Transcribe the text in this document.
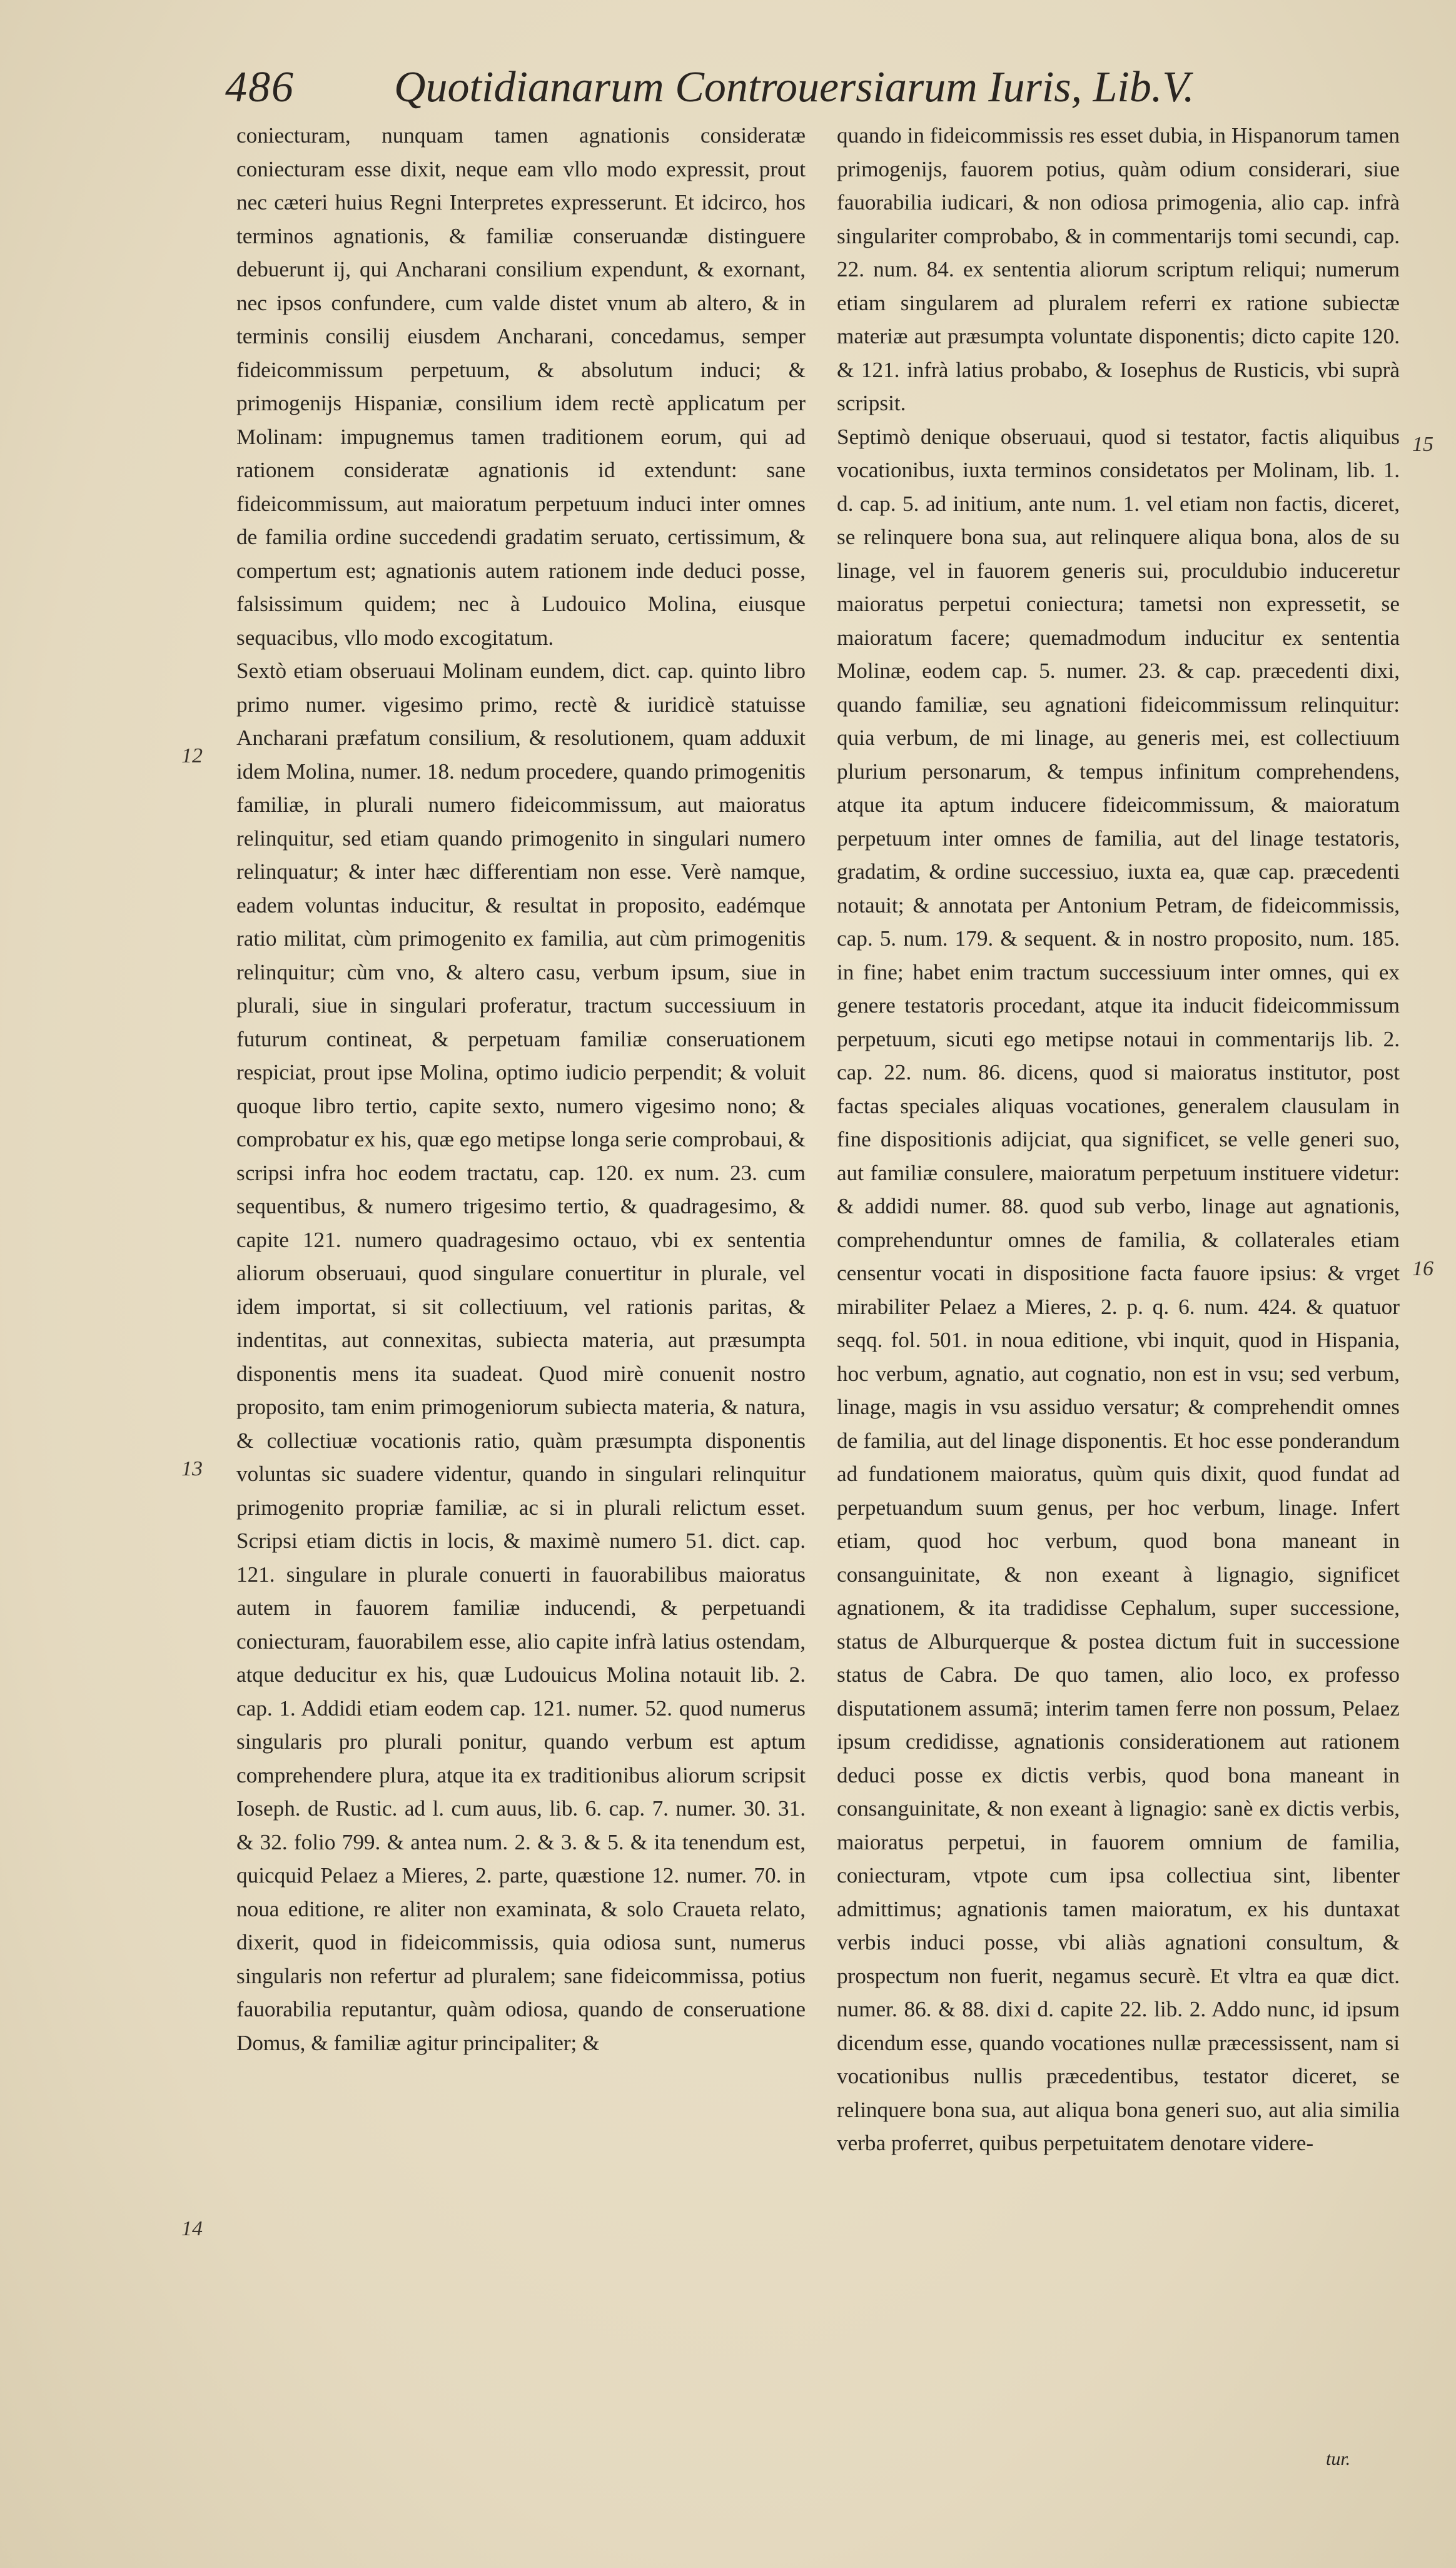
486 Quotidianarum Controuersiarum Iuris, Lib.V.
coniecturam, nunquam tamen agnationis consideratæ coniecturam esse dixit, neque eam vllo modo expressit, prout nec cæteri huius Regni Interpretes expresserunt. Et idcirco, hos terminos agnationis, & familiæ conseruandæ distinguere debuerunt ij, qui Ancharani consilium expendunt, & exornant, nec ipsos confundere, cum valde distet vnum ab altero, & in terminis consilij eiusdem Ancharani, concedamus, semper fideicommissum perpetuum, & absolutum induci; & primogenijs Hispaniæ, consilium idem rectè applicatum per Molinam: impugnemus tamen traditionem eorum, qui ad rationem consideratæ agnationis id extendunt: sane fideicommissum, aut maioratum perpetuum induci inter omnes de familia ordine succedendi gradatim seruato, certissimum, & compertum est; agnationis autem rationem inde deduci posse, falsissimum quidem; nec à Ludouico Molina, eiusque sequacibus, vllo modo excogitatum.
Sextò etiam obseruaui Molinam eundem, dict. cap. quinto libro primo numer. vigesimo primo, rectè & iuridicè statuisse Ancharani præfatum consilium, & resolutionem, quam adduxit idem Molina, numer. 18. nedum procedere, quando primogenitis familiæ, in plurali numero fideicommissum, aut maioratus relinquitur, sed etiam quando primogenito in singulari numero relinquatur; & inter hæc differentiam non esse. Verè namque, eadem voluntas inducitur, & resultat in proposito, eadémque ratio militat, cùm primogenito ex familia, aut cùm primogenitis relinquitur; cùm vno, & altero casu, verbum ipsum, siue in plurali, siue in singulari proferatur, tractum successiuum in futurum contineat, & perpetuam familiæ conseruationem respiciat, prout ipse Molina, optimo iudicio perpendit; & voluit quoque libro tertio, capite sexto, numero vigesimo nono; & comprobatur ex his, quæ ego metipse longa serie comprobaui, & scripsi infra hoc eodem tractatu, cap. 120. ex num. 23. cum sequentibus, & numero trigesimo tertio, & quadragesimo, & capite 121. numero quadragesimo octauo, vbi ex sententia aliorum obseruaui, quod singulare conuertitur in plurale, vel idem importat, si sit collectiuum, vel rationis paritas, & indentitas, aut connexitas, subiecta materia, aut præsumpta disponentis mens ita suadeat. Quod mirè conuenit nostro proposito, tam enim primogeniorum subiecta materia, & natura, & collectiuæ vocationis ratio, quàm præsumpta disponentis voluntas sic suadere videntur, quando in singulari relinquitur primogenito propriæ familiæ, ac si in plurali relictum esset. Scripsi etiam dictis in locis, & maximè numero 51. dict. cap. 121. singulare in plurale conuerti in fauorabilibus maioratus autem in fauorem familiæ inducendi, & perpetuandi coniecturam, fauorabilem esse, alio capite infrà latius ostendam, atque deducitur ex his, quæ Ludouicus Molina notauit lib. 2. cap. 1. Addidi etiam eodem cap. 121. numer. 52. quod numerus singularis pro plurali ponitur, quando verbum est aptum comprehendere plura, atque ita ex traditionibus aliorum scripsit Ioseph. de Rustic. ad l. cum auus, lib. 6. cap. 7. numer. 30. 31. & 32. folio 799. & antea num. 2. & 3. & 5. & ita tenendum est, quicquid Pelaez a Mieres, 2. parte, quæstione 12. numer. 70. in noua editione, re aliter non examinata, & solo Craueta relato, dixerit, quod in fideicommissis, quia odiosa sunt, numerus singularis non refertur ad pluralem; sane fideicommissa, potius fauorabilia reputantur, quàm odiosa, quando de conseruatione Domus, & familiæ agitur principaliter; &
quando in fideicommissis res esset dubia, in Hispanorum tamen primogenijs, fauorem potius, quàm odium considerari, siue fauorabilia iudicari, & non odiosa primogenia, alio cap. infrà singulariter comprobabo, & in commentarijs tomi secundi, cap. 22. num. 84. ex sententia aliorum scriptum reliqui; numerum etiam singularem ad pluralem referri ex ratione subiectæ materiæ aut præsumpta voluntate disponentis; dicto capite 120. & 121. infrà latius probabo, & Iosephus de Rusticis, vbi suprà scripsit.
Septimò denique obseruaui, quod si testator, factis aliquibus vocationibus, iuxta terminos considetatos per Molinam, lib. 1. d. cap. 5. ad initium, ante num. 1. vel etiam non factis, diceret, se relinquere bona sua, aut relinquere aliqua bona, alos de su linage, vel in fauorem generis sui, proculdubio induceretur maioratus perpetui coniectura; tametsi non expressetit, se maioratum facere; quemadmodum inducitur ex sententia Molinæ, eodem cap. 5. numer. 23. & cap. præcedenti dixi, quando familiæ, seu agnationi fideicommissum relinquitur: quia verbum, de mi linage, au generis mei, est collectiuum plurium personarum, & tempus infinitum comprehendens, atque ita aptum inducere fideicommissum, & maioratum perpetuum inter omnes de familia, aut del linage testatoris, gradatim, & ordine successiuo, iuxta ea, quæ cap. præcedenti notauit; & annotata per Antonium Petram, de fideicommissis, cap. 5. num. 179. & sequent. & in nostro proposito, num. 185. in fine; habet enim tractum successiuum inter omnes, qui ex genere testatoris procedant, atque ita inducit fideicommissum perpetuum, sicuti ego metipse notaui in commentarijs lib. 2. cap. 22. num. 86. dicens, quod si maioratus institutor, post factas speciales aliquas vocationes, generalem clausulam in fine dispositionis adijciat, qua significet, se velle generi suo, aut familiæ consulere, maioratum perpetuum instituere videtur: & addidi numer. 88. quod sub verbo, linage aut agnationis, comprehenduntur omnes de familia, & collaterales etiam censentur vocati in dispositione facta fauore ipsius: & vrget mirabiliter Pelaez a Mieres, 2. p. q. 6. num. 424. & quatuor seqq. fol. 501. in noua editione, vbi inquit, quod in Hispania, hoc verbum, agnatio, aut cognatio, non est in vsu; sed verbum, linage, magis in vsu assiduo versatur; & comprehendit omnes de familia, aut del linage disponentis. Et hoc esse ponderandum ad fundationem maioratus, quùm quis dixit, quod fundat ad perpetuandum suum genus, per hoc verbum, linage. Infert etiam, quod hoc verbum, quod bona maneant in consanguinitate, & non exeant à lignagio, significet agnationem, & ita tradidisse Cephalum, super successione, status de Alburquerque & postea dictum fuit in successione status de Cabra. De quo tamen, alio loco, ex professo disputationem assumā; interim tamen ferre non possum, Pelaez ipsum credidisse, agnationis considerationem aut rationem deduci posse ex dictis verbis, quod bona maneant in consanguinitate, & non exeant à lignagio: sanè ex dictis verbis, maioratus perpetui, in fauorem omnium de familia, coniecturam, vtpote cum ipsa collectiua sint, libenter admittimus; agnationis tamen maioratum, ex his duntaxat verbis induci posse, vbi aliàs agnationi consultum, & prospectum non fuerit, negamus securè. Et vltra ea quæ dict. numer. 86. & 88. dixi d. capite 22. lib. 2. Addo nunc, id ipsum dicendum esse, quando vocationes nullæ præcessissent, nam si vocationibus nullis præcedentibus, testator diceret, se relinquere bona sua, aut aliqua bona generi suo, aut alia similia verba proferret, quibus perpetuitatem denotare videre-
12
13
14
15
16
tur.
